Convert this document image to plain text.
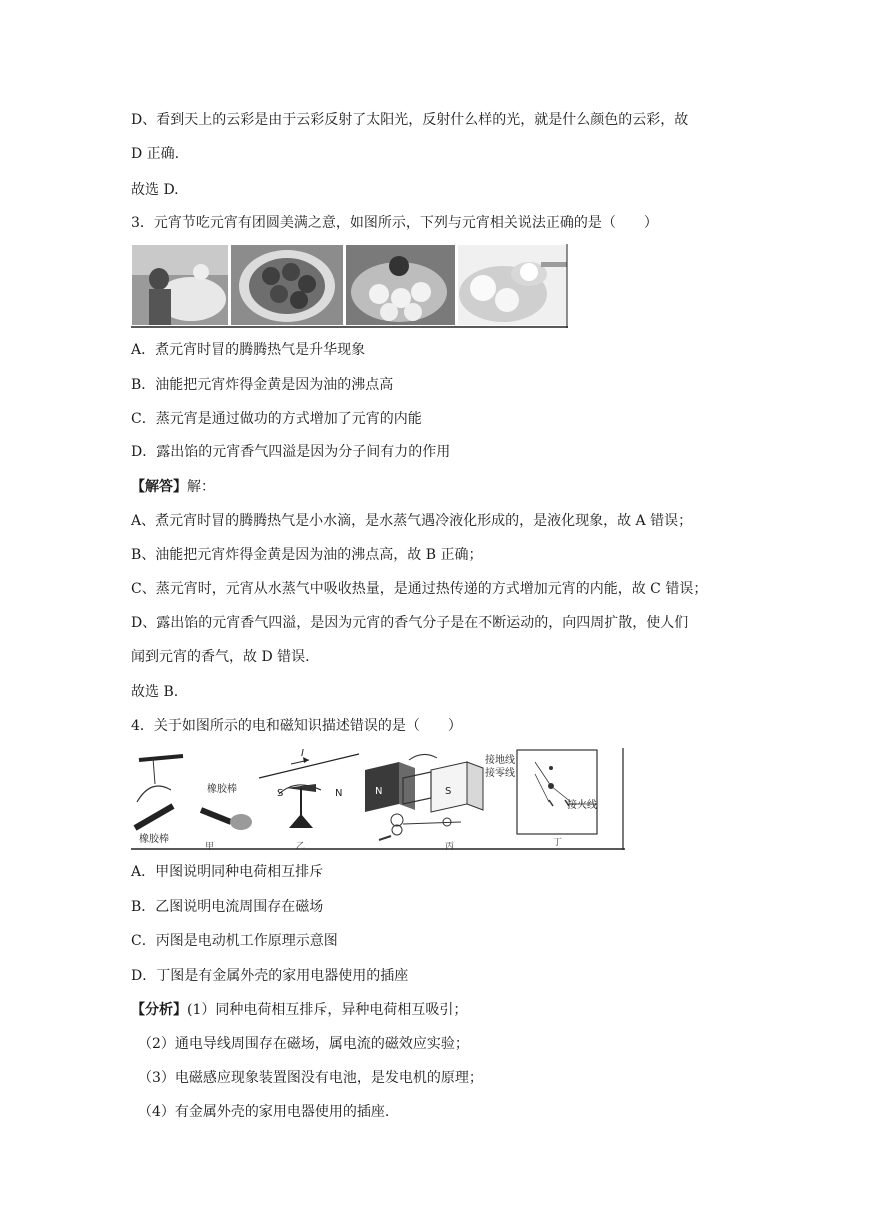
D、看到天上的云彩是由于云彩反射了太阳光，反射什么样的光，就是什么颜色的云彩，故
D 正确.
故选 D.
3．元宵节吃元宵有团圆美满之意，如图所示，下列与元宵相关说法正确的是（　　）
A．煮元宵时冒的腾腾热气是升华现象
B．油能把元宵炸得金黄是因为油的沸点高
C．蒸元宵是通过做功的方式增加了元宵的内能
D．露出馅的元宵香气四溢是因为分子间有力的作用
【解答】解：
A、煮元宵时冒的腾腾热气是小水滴，是水蒸气遇冷液化形成的，是液化现象，故 A 错误；
B、油能把元宵炸得金黄是因为油的沸点高，故 B 正确；
C、蒸元宵时，元宵从水蒸气中吸收热量，是通过热传递的方式增加元宵的内能，故 C 错误；
D、露出馅的元宵香气四溢，是因为元宵的香气分子是在不断运动的，向四周扩散，使人们
闻到元宵的香气，故 D 错误.
故选 B.
4．关于如图所示的电和磁知识描述错误的是（　　）
橡胶棒
橡胶棒
甲
I
S	N
乙
N	S
丙
接地线
接零线
接火线
丁
A．甲图说明同种电荷相互排斥
B．乙图说明电流周围存在磁场
C．丙图是电动机工作原理示意图
D．丁图是有金属外壳的家用电器使用的插座
【分析】(1）同种电荷相互排斥，异种电荷相互吸引；
（2）通电导线周围存在磁场，属电流的磁效应实验；
（3）电磁感应现象装置图没有电池，是发电机的原理；
（4）有金属外壳的家用电器使用的插座.
